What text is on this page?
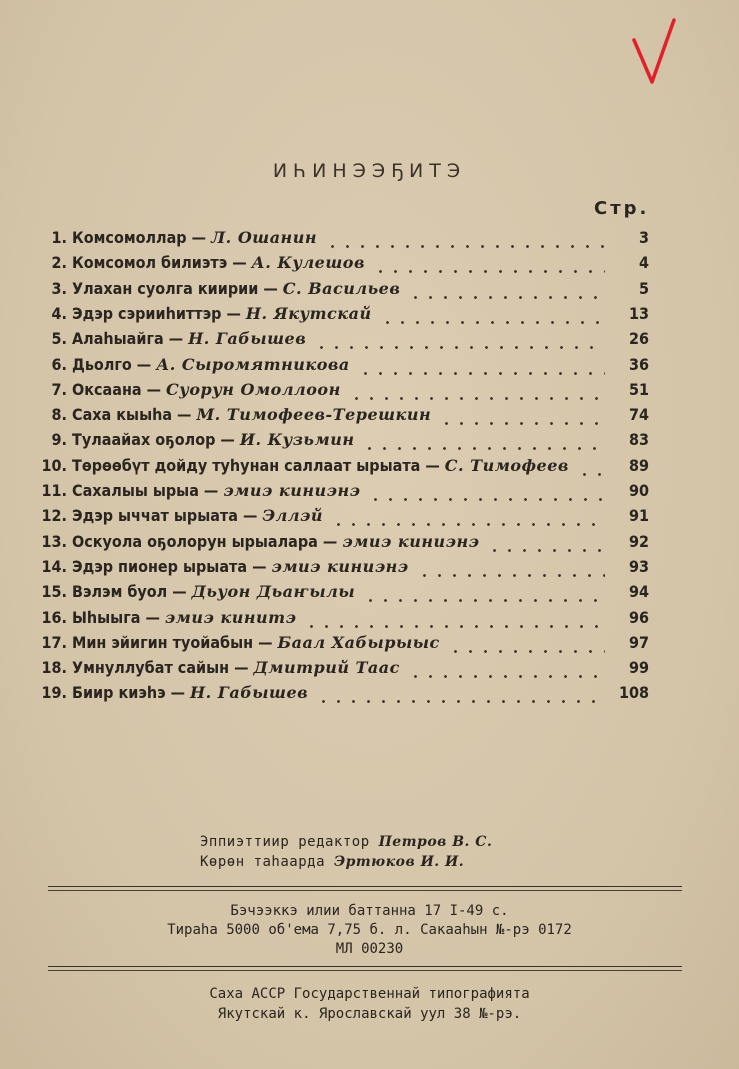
ИҺИНЭЭҔИТЭ
Стр.
1. Комсомоллар — Л. Ошанин	3
2. Комсомол билиэтэ — А. Кулешов	4
3. Улахан суолга киирии — С. Васильев	5
4. Эдэр сэрииһиттэр — Н. Якутскай	13
5. Алаһыайга — Н. Габышев	26
6. Дьолго — А. Сыромятникова	36
7. Оксаана — Суорун Омоллоон	51
8. Саха кыыһа — М. Тимофеев-Терешкин	74
9. Тулаайах оҕолор — И. Кузьмин	83
10. Төрөөбүт дойду туһунан саллаат ырыата — С. Тимофеев	89
11. Сахалыы ырыа — эмиэ киниэнэ	90
12. Эдэр ыччат ырыата — Эллэй	91
13. Оскуола оҕолорун ырыалара — эмиэ киниэнэ	92
14. Эдэр пионер ырыата — эмиэ киниэнэ	93
15. Вэлэм буол — Дьуон Дьаҥылы	94
16. Ыһыыга — эмиэ кинитэ	96
17. Мин эйигин туойабын — Баал Хабырыыс	97
18. Умнуллубат сайын — Дмитрий Таас	99
19. Биир киэһэ — Н. Габышев	108
Эппиэттиир редактор Петров В. С.
Көрөн таһаарда Эртюков И. И.
Бэчээккэ илии баттанна 17 І-49 с.
Тираһа 5000 об'ема 7,75 б. л. Сакааһын №-рэ 0172
МЛ 00230
Саха АССР Государственнай типографията
Якутскай к. Ярославскай уул 38 №-рэ.
